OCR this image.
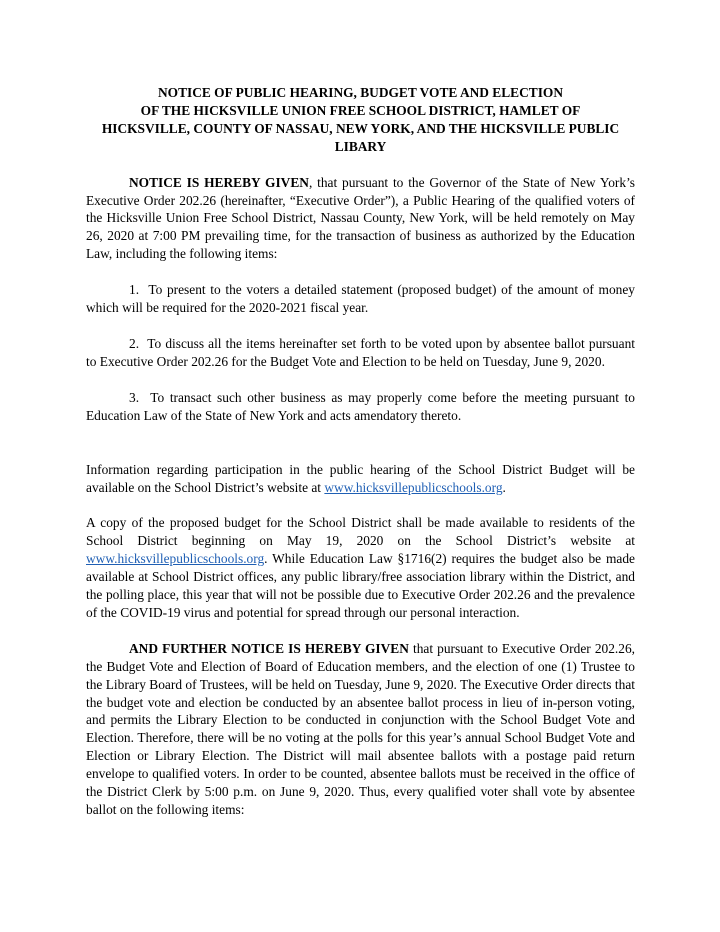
NOTICE OF PUBLIC HEARING, BUDGET VOTE AND ELECTION
OF THE HICKSVILLE UNION FREE SCHOOL DISTRICT, HAMLET OF
HICKSVILLE, COUNTY OF NASSAU, NEW YORK, AND THE HICKSVILLE PUBLIC
LIBARY

NOTICE IS HEREBY GIVEN, that pursuant to the Governor of the State of New York’s Executive Order 202.26 (hereinafter, “Executive Order”), a Public Hearing of the qualified voters of the Hicksville Union Free School District, Nassau County, New York, will be held remotely on May 26, 2020 at 7:00 PM prevailing time, for the transaction of business as authorized by the Education Law, including the following items:

1. To present to the voters a detailed statement (proposed budget) of the amount of money which will be required for the 2020-2021 fiscal year.

2. To discuss all the items hereinafter set forth to be voted upon by absentee ballot pursuant to Executive Order 202.26 for the Budget Vote and Election to be held on Tuesday, June 9, 2020.

3. To transact such other business as may properly come before the meeting pursuant to Education Law of the State of New York and acts amendatory thereto.

Information regarding participation in the public hearing of the School District Budget will be available on the School District’s website at www.hicksvillepublicschools.org.

A copy of the proposed budget for the School District shall be made available to residents of the School District beginning on May 19, 2020 on the School District’s website at www.hicksvillepublicschools.org. While Education Law §1716(2) requires the budget also be made available at School District offices, any public library/free association library within the District, and the polling place, this year that will not be possible due to Executive Order 202.26 and the prevalence of the COVID-19 virus and potential for spread through our personal interaction.

AND FURTHER NOTICE IS HEREBY GIVEN that pursuant to Executive Order 202.26, the Budget Vote and Election of Board of Education members, and the election of one (1) Trustee to the Library Board of Trustees, will be held on Tuesday, June 9, 2020. The Executive Order directs that the budget vote and election be conducted by an absentee ballot process in lieu of in-person voting, and permits the Library Election to be conducted in conjunction with the School Budget Vote and Election. Therefore, there will be no voting at the polls for this year’s annual School Budget Vote and Election or Library Election. The District will mail absentee ballots with a postage paid return envelope to qualified voters. In order to be counted, absentee ballots must be received in the office of the District Clerk by 5:00 p.m. on June 9, 2020. Thus, every qualified voter shall vote by absentee ballot on the following items:
